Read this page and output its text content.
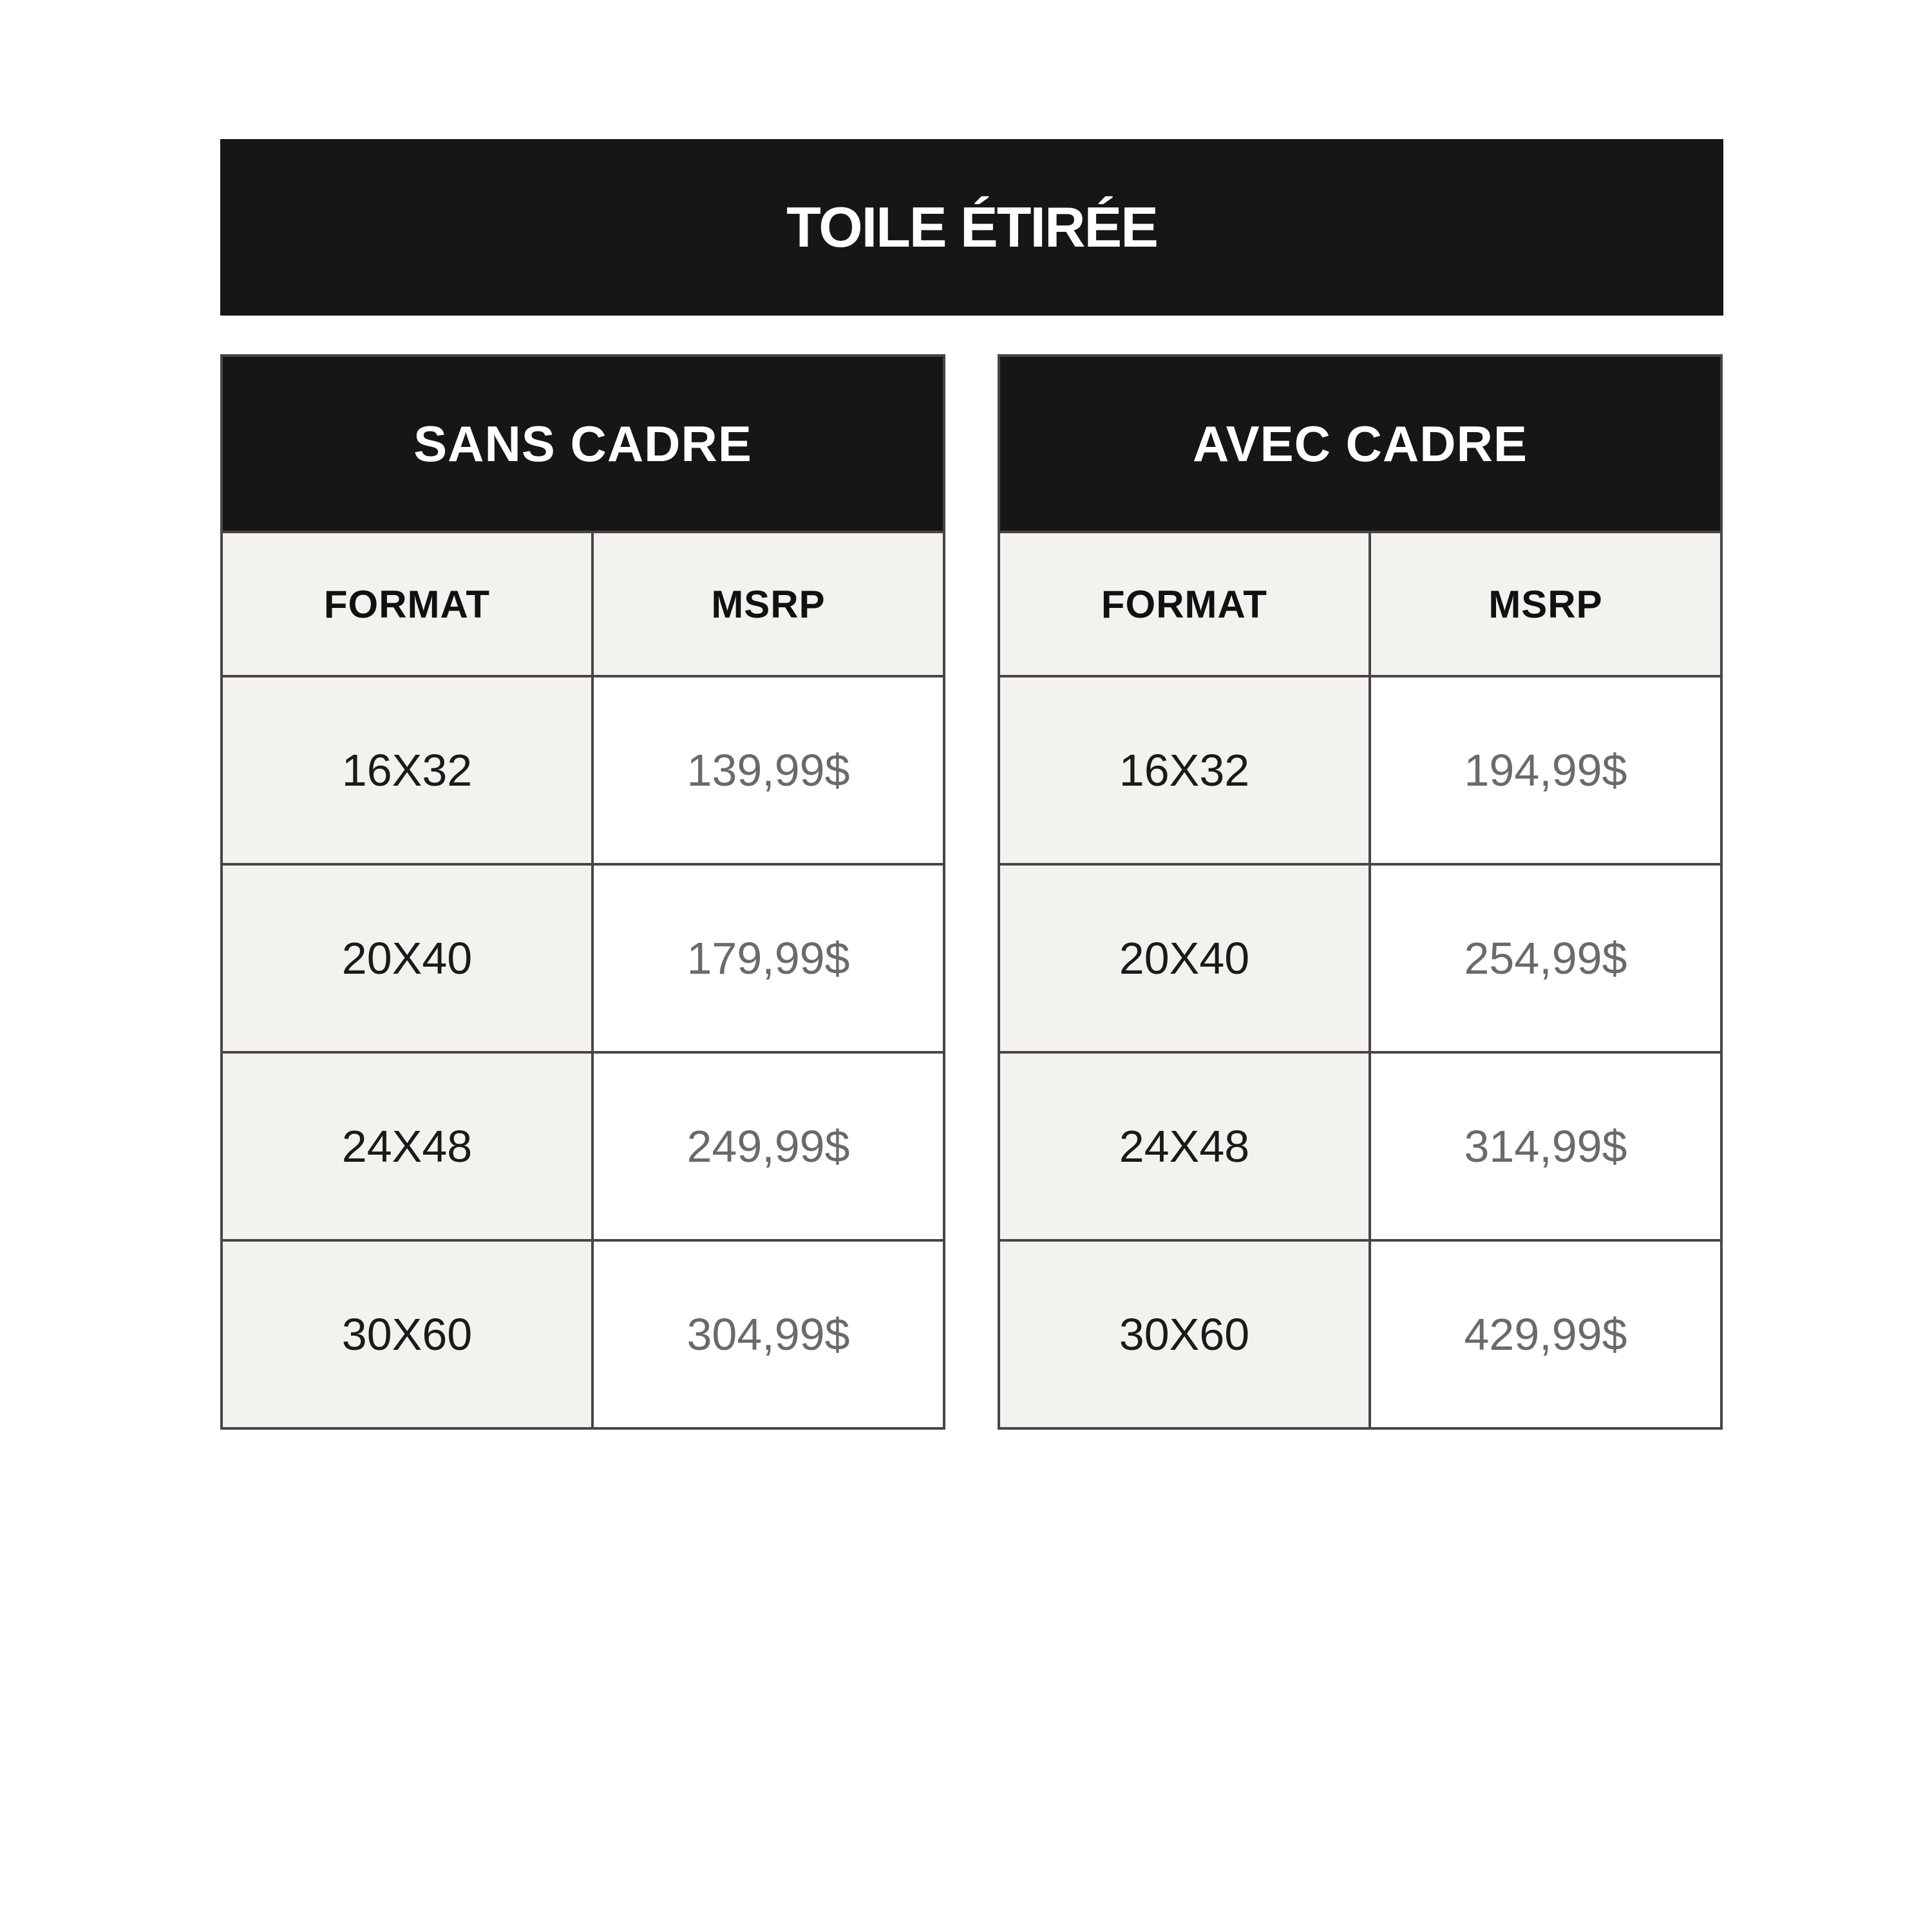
TOILE ÉTIRÉE
SANS CADRE
FORMAT	MSRP
16X32	139,99$
20X40	179,99$
24X48	249,99$
30X60	304,99$
AVEC CADRE
FORMAT	MSRP
16X32	194,99$
20X40	254,99$
24X48	314,99$
30X60	429,99$
